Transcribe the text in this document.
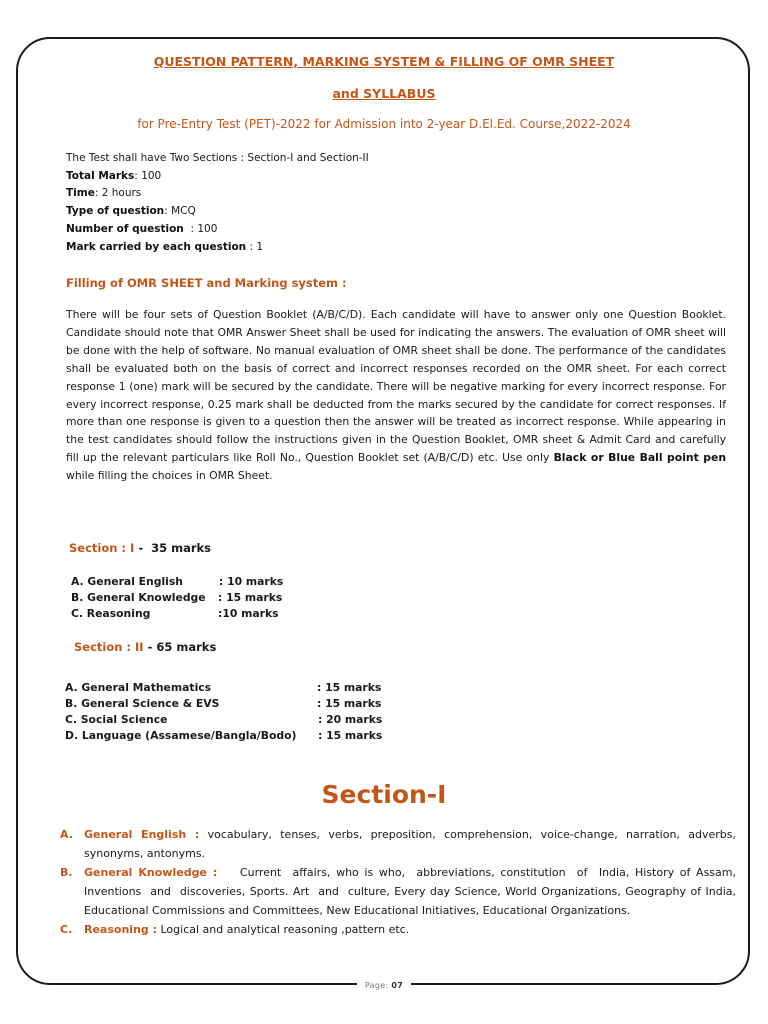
QUESTION PATTERN, MARKING SYSTEM & FILLING OF OMR SHEET
and SYLLABUS
for Pre-Entry Test (PET)-2022 for Admission into 2-year D.El.Ed. Course,2022-2024
The Test shall have Two Sections : Section-I and Section-II
Total Marks: 100
Time: 2 hours
Type of question: MCQ
Number of question  : 100
Mark carried by each question : 1
Filling of OMR SHEET and Marking system :
There will be four sets of Question Booklet (A/B/C/D). Each candidate will have to answer only one Question Booklet. Candidate should note that OMR Answer Sheet shall be used for indicating the answers. The evaluation of OMR sheet will be done with the help of software. No manual evaluation of OMR sheet shall be done. The performance of the candidates shall be evaluated both on the basis of correct and incorrect responses recorded on the OMR sheet. For each correct response 1 (one) mark will be secured by the candidate. There will be negative marking for every incorrect response. For every incorrect response, 0.25 mark shall be deducted from the marks secured by the candidate for correct responses. If more than one response is given to a question then the answer will be treated as incorrect response. While appearing in the test candidates should follow the instructions given in the Question Booklet, OMR sheet & Admit Card and carefully fill up the relevant particulars like Roll No., Question Booklet set (A/B/C/D) etc. Use only Black or Blue Ball point pen while filling the choices in OMR Sheet.
Section : I -  35 marks
A. General English	: 10 marks
B. General Knowledge : 15 marks
C. Reasoning	:10 marks
Section : II - 65 marks
A. General Mathematics	: 15 marks
B. General Science & EVS	: 15 marks
C. Social Science	: 20 marks
D. Language (Assamese/Bangla/Bodo) : 15 marks
Section-I
A. General English : vocabulary, tenses, verbs, preposition, comprehension, voice-change, narration, adverbs, synonyms, antonyms.
B. General Knowledge :    Current  affairs, who is who,  abbreviations, constitution  of  India, History of Assam, Inventions  and  discoveries, Sports. Art  and  culture, Every day Science, World Organizations, Geography of India, Educational Commissions and Committees, New Educational Initiatives, Educational Organizations.
C. Reasoning : Logical and analytical reasoning ,pattern etc.
Page: 07
